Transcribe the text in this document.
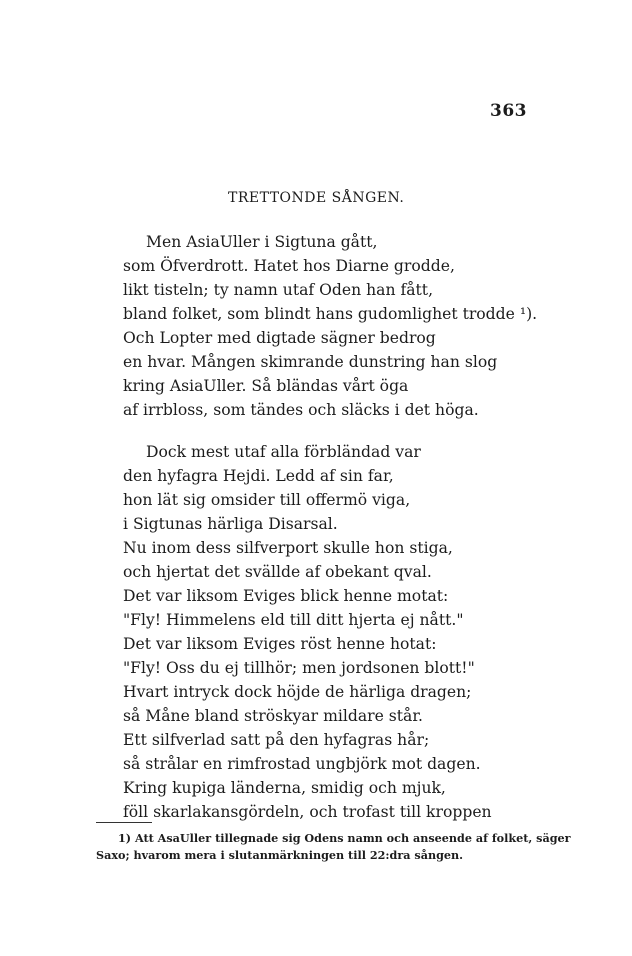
363
TRETTONDE SÅNGEN.
Men AsiaUller i Sigtuna gått,
som Öfverdrott. Hatet hos Diarne grodde,
likt tisteln; ty namn utaf Oden han fått,
bland folket, som blindt hans gudomlighet trodde ¹).
Och Lopter med digtade sägner bedrog
en hvar. Mången skimrande dunstring han slog
kring AsiaUller. Så bländas vårt öga
af irrbloss, som tändes och släcks i det höga.
Dock mest utaf alla förbländad var
den hyfagra Hejdi. Ledd af sin far,
hon lät sig omsider till offermö viga,
i Sigtunas härliga Disarsal.
Nu inom dess silfverport skulle hon stiga,
och hjertat det svällde af obekant qval.
Det var liksom Eviges blick henne motat:
"Fly! Himmelens eld till ditt hjerta ej nått."
Det var liksom Eviges röst henne hotat:
"Fly! Oss du ej tillhör; men jordsonen blott!"
Hvart intryck dock höjde de härliga dragen;
så Måne bland ströskyar mildare står.
Ett silfverlad satt på den hyfagras hår;
så strålar en rimfrostad ungbjörk mot dagen.
Kring kupiga länderna, smidig och mjuk,
föll skarlakansgördeln, och trofast till kroppen
1) Att AsaUller tillegnade sig Odens namn och anseende af folket, säger
Saxo; hvarom mera i slutanmärkningen till 22:dra sången.
